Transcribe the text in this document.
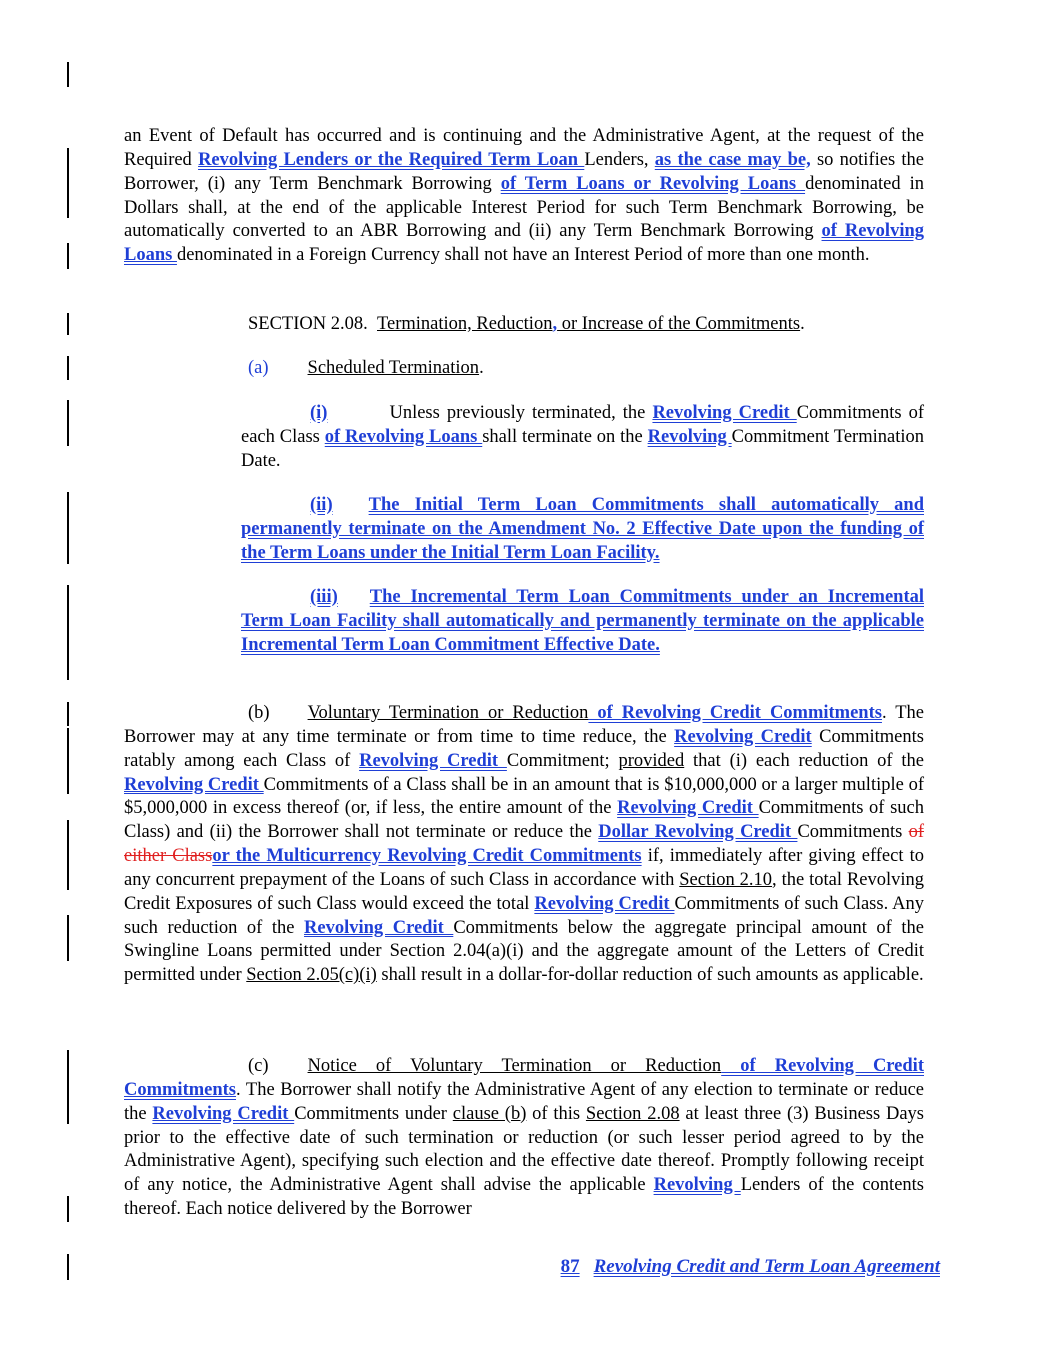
an Event of Default has occurred and is continuing and the Administrative Agent, at the request of the Required Revolving Lenders or the Required Term Loan Lenders, as the case may be, so notifies the Borrower, (i) any Term Benchmark Borrowing of Term Loans or Revolving Loans denominated in Dollars shall, at the end of the applicable Interest Period for such Term Benchmark Borrowing, be automatically converted to an ABR Borrowing and (ii) any Term Benchmark Borrowing of Revolving Loans denominated in a Foreign Currency shall not have an Interest Period of more than one month.
SECTION 2.08. Termination, Reduction, or Increase of the Commitments.
(a) Scheduled Termination.
(i)	Unless previously terminated, the Revolving Credit Commitments of each Class of Revolving Loans shall terminate on the Revolving Commitment Termination Date.
(ii) The Initial Term Loan Commitments shall automatically and permanently terminate on the Amendment No. 2 Effective Date upon the funding of the Term Loans under the Initial Term Loan Facility.
(iii) The Incremental Term Loan Commitments under an Incremental Term Loan Facility shall automatically and permanently terminate on the applicable Incremental Term Loan Commitment Effective Date.
(b) Voluntary Termination or Reduction of Revolving Credit Commitments. The Borrower may at any time terminate or from time to time reduce, the Revolving Credit Commitments ratably among each Class of Revolving Credit Commitment; provided that (i) each reduction of the Revolving Credit Commitments of a Class shall be in an amount that is $10,000,000 or a larger multiple of $5,000,000 in excess thereof (or, if less, the entire amount of the Revolving Credit Commitments of such Class) and (ii) the Borrower shall not terminate or reduce the Dollar Revolving Credit Commitments of either Classor the Multicurrency Revolving Credit Commitments if, immediately after giving effect to any concurrent prepayment of the Loans of such Class in accordance with Section 2.10, the total Revolving Credit Exposures of such Class would exceed the total Revolving Credit Commitments of such Class. Any such reduction of the Revolving Credit Commitments below the aggregate principal amount of the Swingline Loans permitted under Section 2.04(a)(i) and the aggregate amount of the Letters of Credit permitted under Section 2.05(c)(i) shall result in a dollar-for-dollar reduction of such amounts as applicable.
(c) Notice of Voluntary Termination or Reduction of Revolving Credit Commitments. The Borrower shall notify the Administrative Agent of any election to terminate or reduce the Revolving Credit Commitments under clause (b) of this Section 2.08 at least three (3) Business Days prior to the effective date of such termination or reduction (or such lesser period agreed to by the Administrative Agent), specifying such election and the effective date thereof. Promptly following receipt of any notice, the Administrative Agent shall advise the applicable Revolving Lenders of the contents thereof. Each notice delivered by the Borrower
87 Revolving Credit and Term Loan Agreement
